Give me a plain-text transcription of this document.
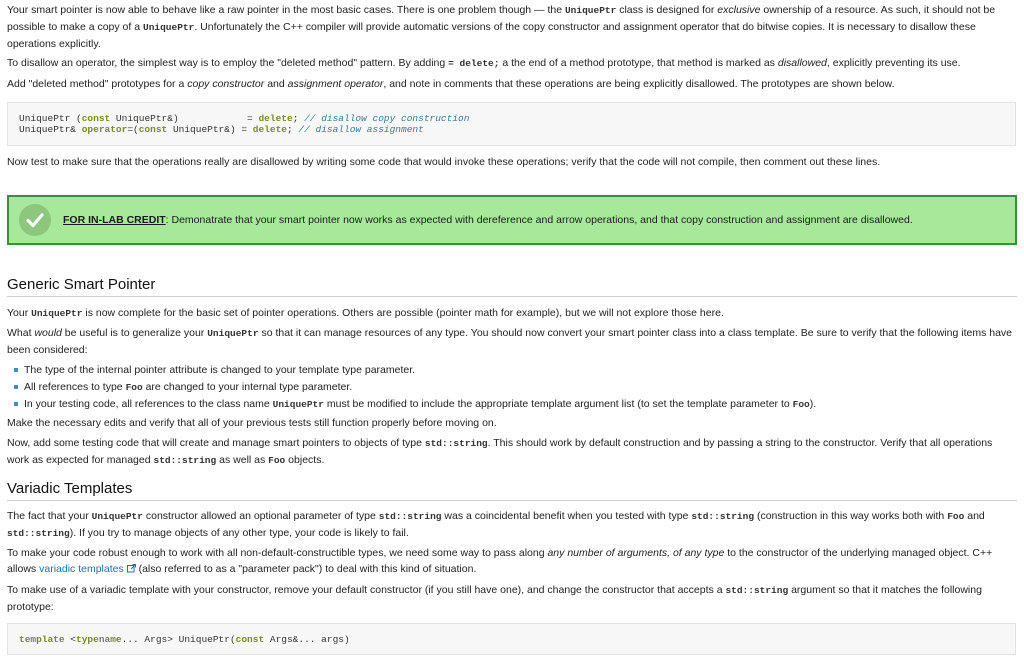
Your smart pointer is now able to behave like a raw pointer in the most basic cases. There is one problem though — the UniquePtr class is designed for exclusive ownership of a resource. As such, it should not be possible to make a copy of a UniquePtr. Unfortunately the C++ compiler will provide automatic versions of the copy constructor and assignment operator that do bitwise copies. It is necessary to disallow these operations explicitly.

To disallow an operator, the simplest way is to employ the "deleted method" pattern. By adding = delete; a the end of a method prototype, that method is marked as disallowed, explicitly preventing its use.

Add "deleted method" prototypes for a copy constructor and assignment operator, and note in comments that these operations are being explicitly disallowed. The prototypes are shown below.

UniquePtr (const UniquePtr&)            = delete; // disallow copy construction
UniquePtr& operator=(const UniquePtr&) = delete; // disallow assignment

Now test to make sure that the operations really are disallowed by writing some code that would invoke these operations; verify that the code will not compile, then comment out these lines.

FOR IN-LAB CREDIT: Demonatrate that your smart pointer now works as expected with dereference and arrow operations, and that copy construction and assignment are disallowed.
Generic Smart Pointer

Your UniquePtr is now complete for the basic set of pointer operations. Others are possible (pointer math for example), but we will not explore those here.

What would be useful is to generalize your UniquePtr so that it can manage resources of any type. You should now convert your smart pointer class into a class template. Be sure to verify that the following items have been considered:

The type of the internal pointer attribute is changed to your template type parameter.
All references to type Foo are changed to your internal type parameter.
In your testing code, all references to the class name UniquePtr must be modified to include the appropriate template argument list (to set the template parameter to Foo).

Make the necessary edits and verify that all of your previous tests still function properly before moving on.

Now, add some testing code that will create and manage smart pointers to objects of type std::string. This should work by default construction and by passing a string to the constructor. Verify that all operations work as expected for managed std::string as well as Foo objects.

Variadic Templates

The fact that your UniquePtr constructor allowed an optional parameter of type std::string was a coincidental benefit when you tested with type std::string (construction in this way works both with Foo and std::string). If you try to manage objects of any other type, your code is likely to fail.

To make your code robust enough to work with all non-default-constructible types, we need some way to pass along any number of arguments, of any type to the constructor of the underlying managed object. C++ allows variadic templates  (also referred to as a "parameter pack") to deal with this kind of situation.

To make use of a variadic template with your constructor, remove your default constructor (if you still have one), and change the constructor that accepts a std::string argument so that it matches the following prototype:

template <typename... Args> UniquePtr(const Args&... args)
